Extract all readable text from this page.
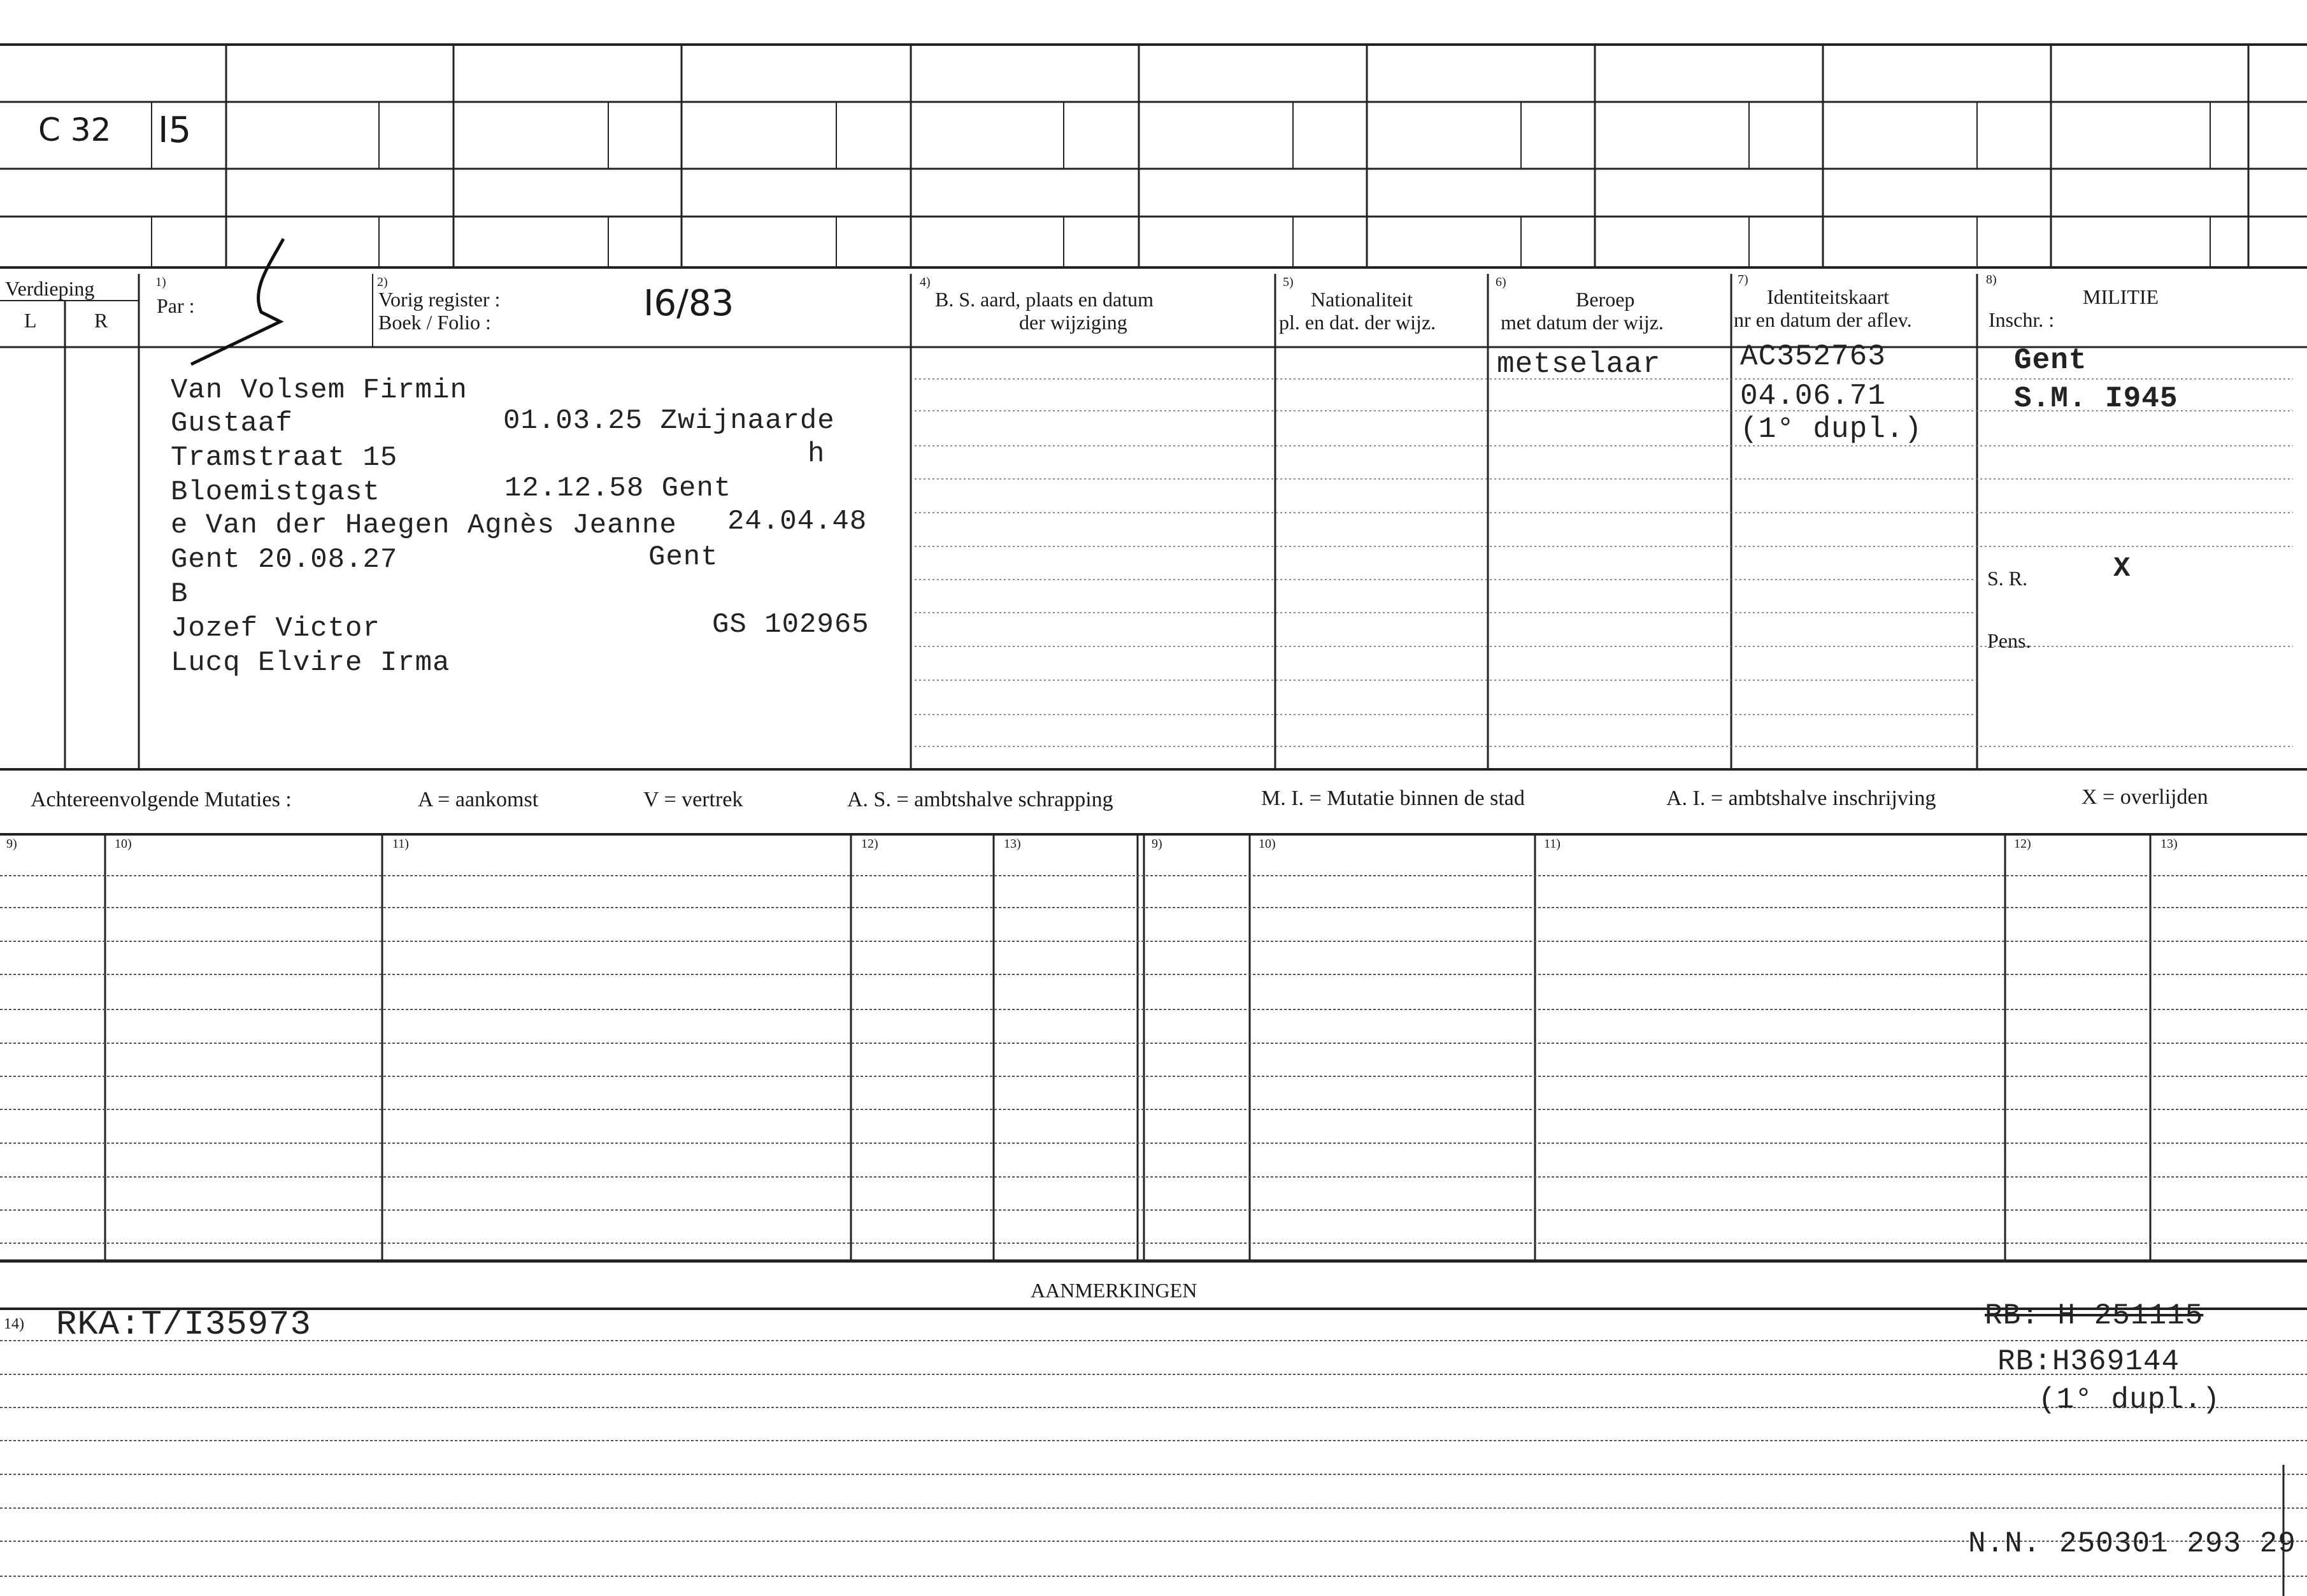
C 32 I5
Verdieping
L	R
1)
Par :
2)
Vorig register :
Boek / Folio :	I6/83
4)
B. S. aard, plaats en datum
der wijziging
5)
Nationaliteit
pl. en dat. der wijz.
6)
Beroep
met datum der wijz.
7)
Identiteitskaart
nr en datum der aflev.
8)
MILITIE
Inschr. :
Van Volsem Firmin
Gustaaf	01.03.25 Zwijnaarde
Tramstraat 15	h
Bloemistgast	12.12.58 Gent
e Van der Haegen Agnès Jeanne 24.04.48
Gent 20.08.27	Gent
B
Jozef Victor	GS 102965
Lucq Elvire Irma
metselaar	AC352763
04.06.71
(1° dupl.)
Gent
S.M. I945
S. R.	X
Pens.
Achtereenvolgende Mutaties :	A = aankomst	V = vertrek	A. S. = ambtshalve schrapping	M. I. = Mutatie binnen de stad	A. I. = ambtshalve inschrijving	X = overlijden
9)	10)	11)	12)	13)	9)	10)	11)	12)	13)
AANMERKINGEN
14) RKA:T/I35973	RB: H 251115
RB:H369144
(1° dupl.)
N.N. 250301 293 29
